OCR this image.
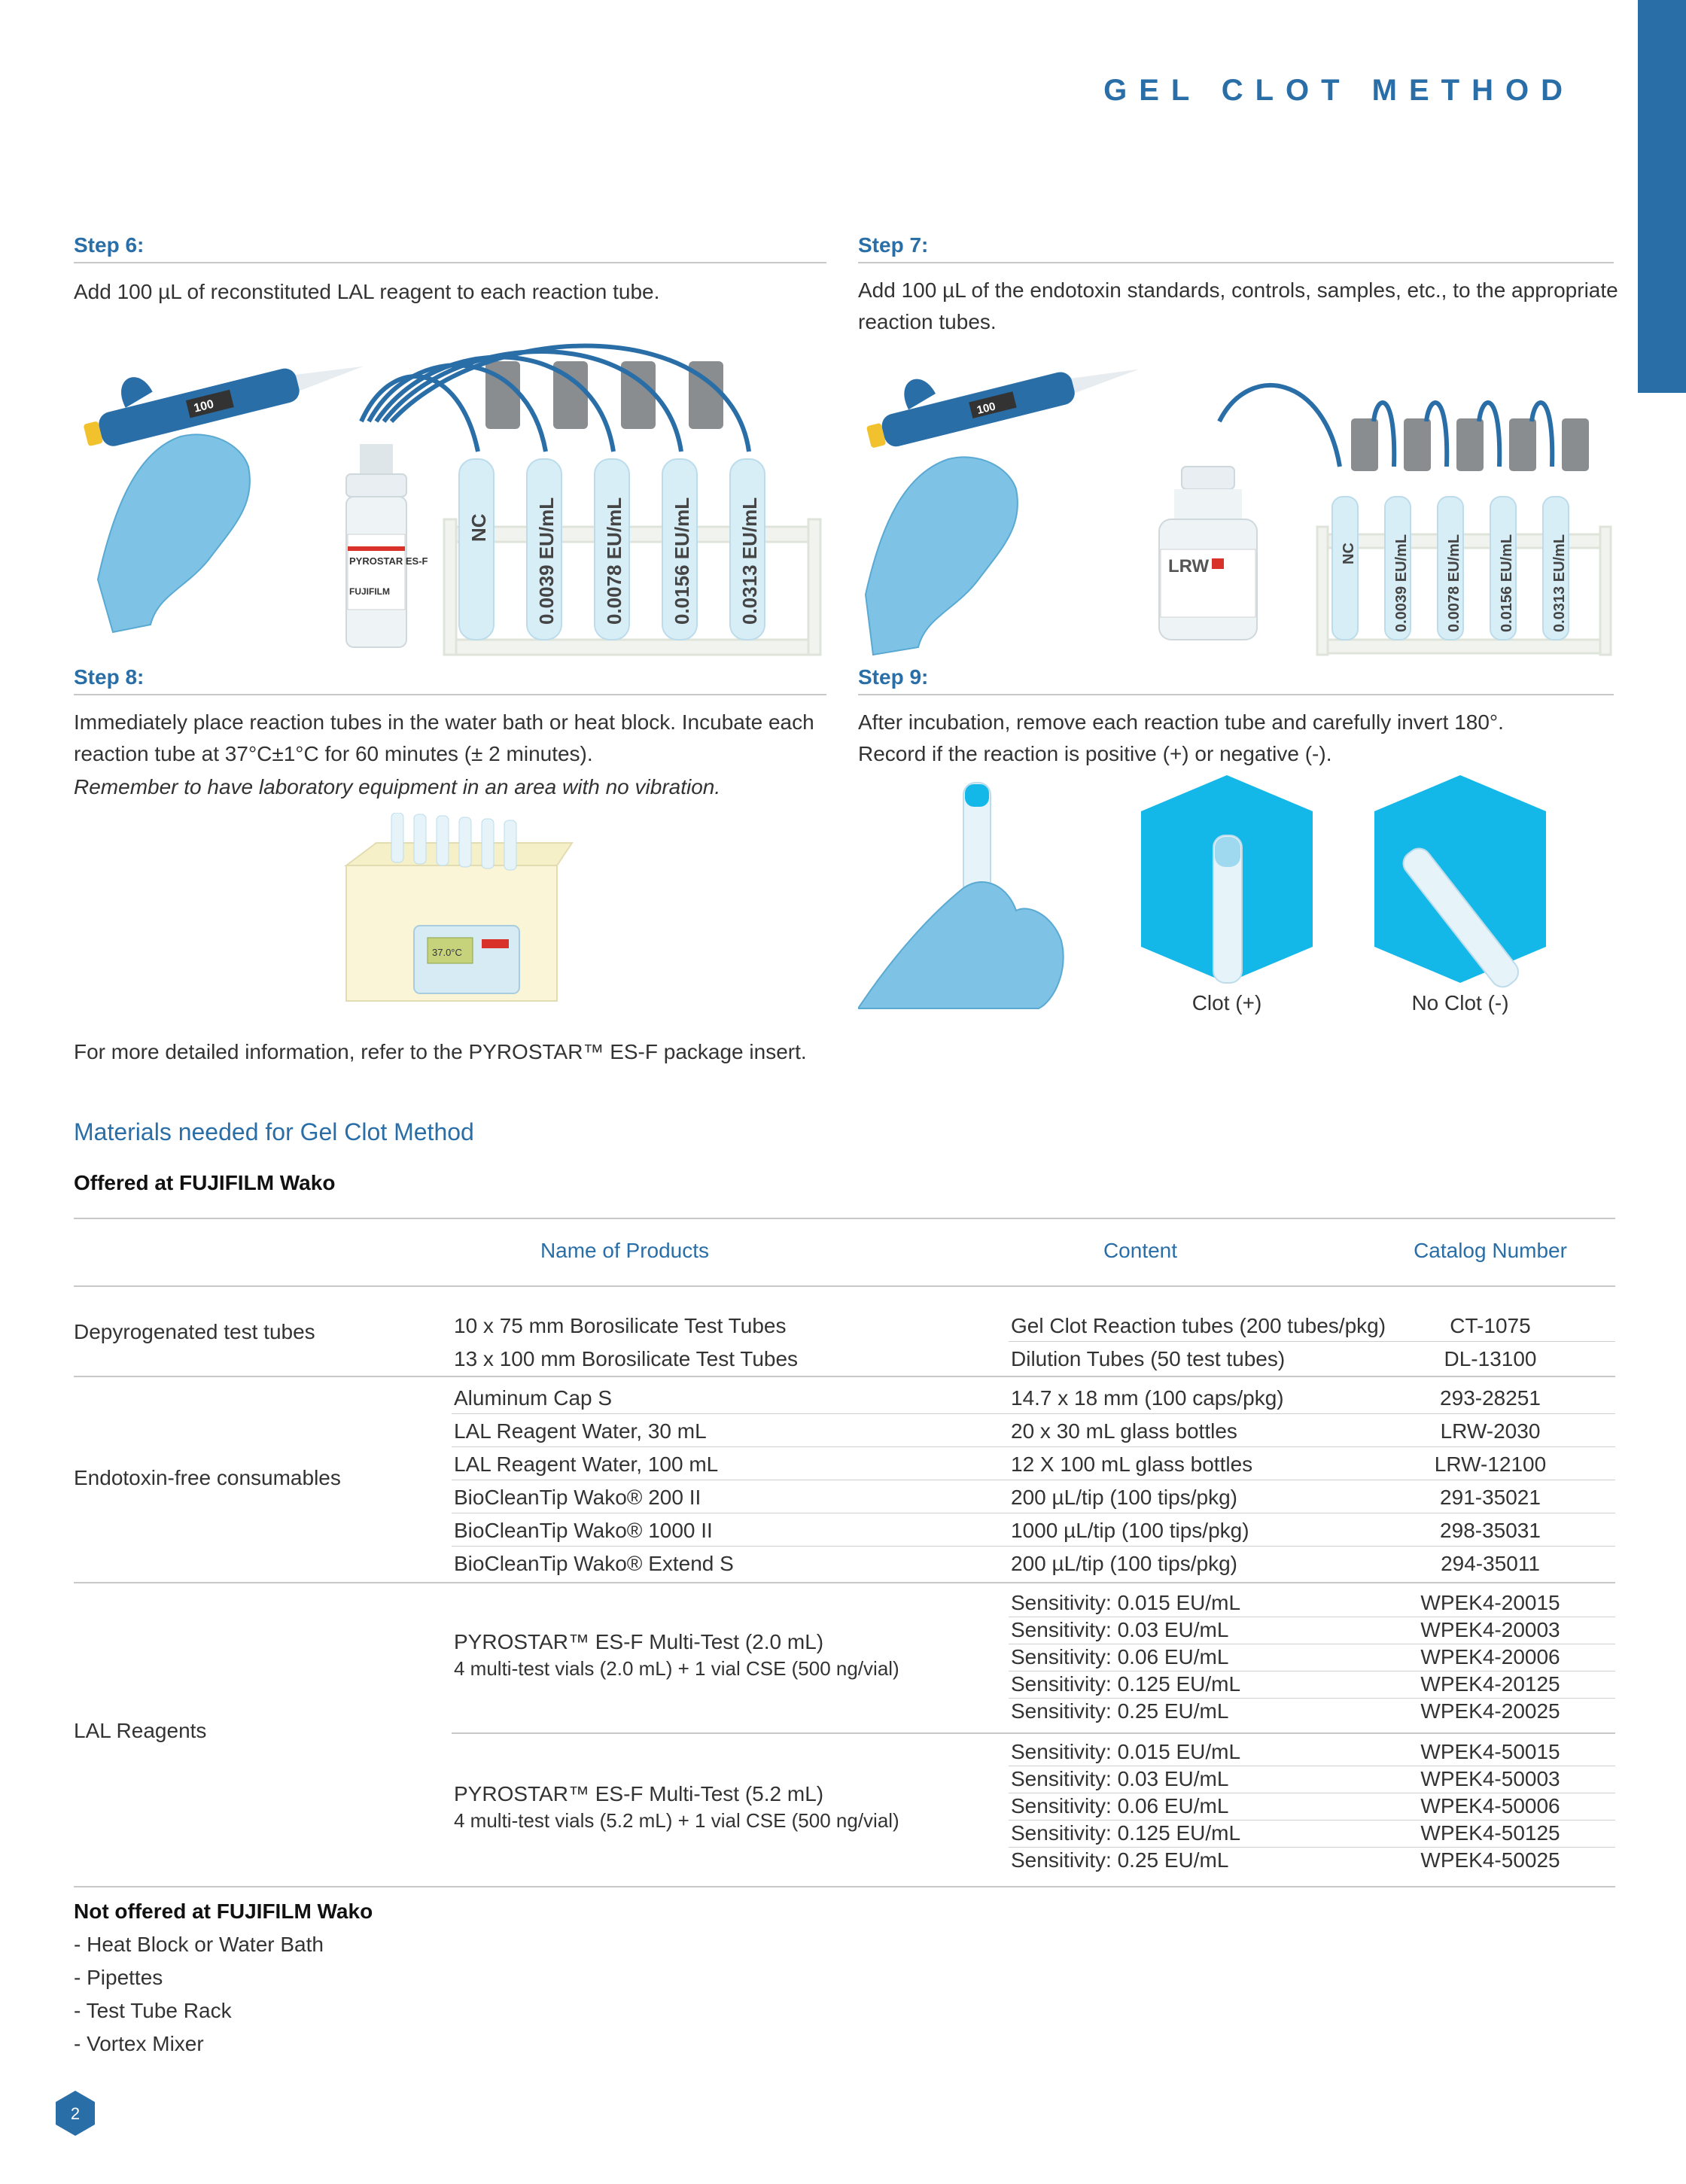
GEL CLOT METHOD
Step 6:
Add 100 µL of reconstituted LAL reagent to each reaction tube.
NC 0.0039 EU/mL 0.0078 EU/mL 0.0156 EU/mL 0.0313 EU/mL
PYROSTAR ES-F
FUJIFILM
100
Step 7:
Add 100 µL of the endotoxin standards, controls, samples, etc., to the appropriate
reaction tubes.
NC 0.0039 EU/mL 0.0078 EU/mL 0.0156 EU/mL 0.0313 EU/mL
LRW
100
Step 8:
Immediately place reaction tubes in the water bath or heat block. Incubate each
reaction tube at 37°C±1°C for 60 minutes (± 2 minutes).
Remember to have laboratory equipment in an area with no vibration.
37.0°C
For more detailed information, refer to the PYROSTAR™ ES-F package insert.
Step 9:
After incubation, remove each reaction tube and carefully invert 180°.
Record if the reaction is positive (+) or negative (-).
Clot (+)	No Clot (-)
Materials needed for Gel Clot Method
Offered at FUJIFILM Wako
Name of Products	Content	Catalog Number
Depyrogenated test tubes	10 x 75 mm Borosilicate Test Tubes	Gel Clot Reaction tubes (200 tubes/pkg)	CT-1075
13 x 100 mm Borosilicate Test Tubes	Dilution Tubes (50 test tubes)	DL-13100
Endotoxin-free consumables
Aluminum Cap S	14.7 x 18 mm (100 caps/pkg)	293-28251
LAL Reagent Water, 30 mL	20 x 30 mL glass bottles	LRW-2030
LAL Reagent Water, 100 mL	12 X 100 mL glass bottles	LRW-12100
BioCleanTip Wako® 200 II	200 µL/tip (100 tips/pkg)	291-35021
BioCleanTip Wako® 1000 II	1000 µL/tip (100 tips/pkg)	298-35031
BioCleanTip Wako® Extend S	200 µL/tip (100 tips/pkg)	294-35011
LAL Reagents
PYROSTAR™ ES-F Multi-Test (2.0 mL)
4 multi-test vials (2.0 mL) + 1 vial CSE (500 ng/vial)
Sensitivity: 0.015 EU/mL	WPEK4-20015
Sensitivity: 0.03 EU/mL	WPEK4-20003
Sensitivity: 0.06 EU/mL	WPEK4-20006
Sensitivity: 0.125 EU/mL	WPEK4-20125
Sensitivity: 0.25 EU/mL	WPEK4-20025
PYROSTAR™ ES-F Multi-Test (5.2 mL)
4 multi-test vials (5.2 mL) + 1 vial CSE (500 ng/vial)
Sensitivity: 0.015 EU/mL	WPEK4-50015
Sensitivity: 0.03 EU/mL	WPEK4-50003
Sensitivity: 0.06 EU/mL	WPEK4-50006
Sensitivity: 0.125 EU/mL	WPEK4-50125
Sensitivity: 0.25 EU/mL	WPEK4-50025
Not offered at FUJIFILM Wako
- Heat Block or Water Bath
- Pipettes
- Test Tube Rack
- Vortex Mixer
2
